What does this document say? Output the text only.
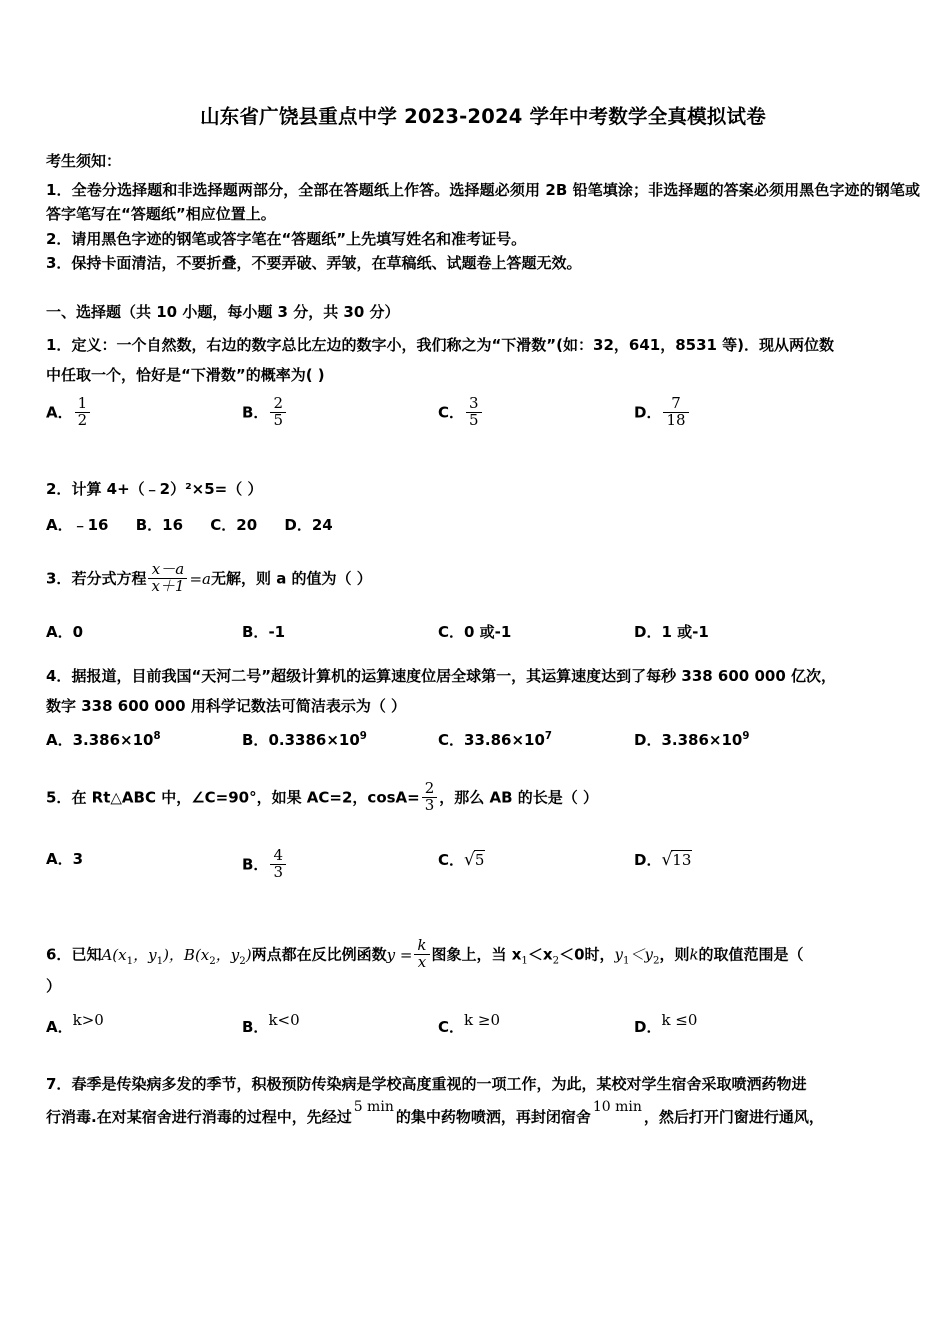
山东省广饶县重点中学 2023-2024 学年中考数学全真模拟试卷
考生须知：

1．全卷分选择题和非选择题两部分，全部在答题纸上作答。选择题必须用 2B 铅笔填涂；非选择题的答案必须用黑色字迹的钢笔或答字笔写在“答题纸”相应位置上。

2．请用黑色字迹的钢笔或答字笔在“答题纸”上先填写姓名和准考证号。

3．保持卡面清洁，不要折叠，不要弄破、弄皱，在草稿纸、试题卷上答题无效。

一、选择题（共 10 小题，每小题 3 分，共 30 分）
1．定义：一个自然数，右边的数字总比左边的数字小，我们称之为“下滑数”(如：32，641，8531 等)．现从两位数
中任取一个，恰好是“下滑数”的概率为( )
A． $\frac{1}{2}$	B． $\frac{2}{5}$	C． $\frac{3}{5}$	D． $\frac{7}{18}$
2．计算 4+（﹣2）²×5=（ ）
A．﹣16 B．16 C．20 D．24
3．若分式方程 $\frac{x-a}{x+1} =a$无解，则 a 的值为（ ）
A．0	B．-1	C．0 或-1	D．1 或-1
4．据报道，目前我国“天河二号”超级计算机的运算速度位居全球第一，其运算速度达到了每秒 338 600 000 亿次，
数字 338 600 000 用科学记数法可简洁表示为（ ）
A．$3.386\times 10^8$	B．$0.3386\times 10^9$	C．$33.86\times 10^7$	D．$3.386\times 10^9$
5．在 Rt△ABC 中，∠C=90°，如果 AC=2，$\cos A= \frac{2}{3}$ ，那么 AB 的长是（ ）
A．3	B． $\frac{4}{3}$	C．√5	D．√13
6．已知$A(x_1$，$y_1$)，$B(x_2$，$y_2$)两点都在反比例函数$y = \frac{k}{x}$ 图象上，当 $x_1<x_2<0$时，$y_1<y_2$，则k的取值范围是（
）
A．k>0	B．k<0	C．k ≥0	D．k ≤0
7．春季是传染病多发的季节，积极预防传染病是学校高度重视的一项工作，为此，某校对学生宿舍采取喷洒药物进
行消毒.在对某宿舍进行消毒的过程中，先经过5 min的集中药物喷洒，再封闭宿舍10 min，然后打开门窗进行通风，
